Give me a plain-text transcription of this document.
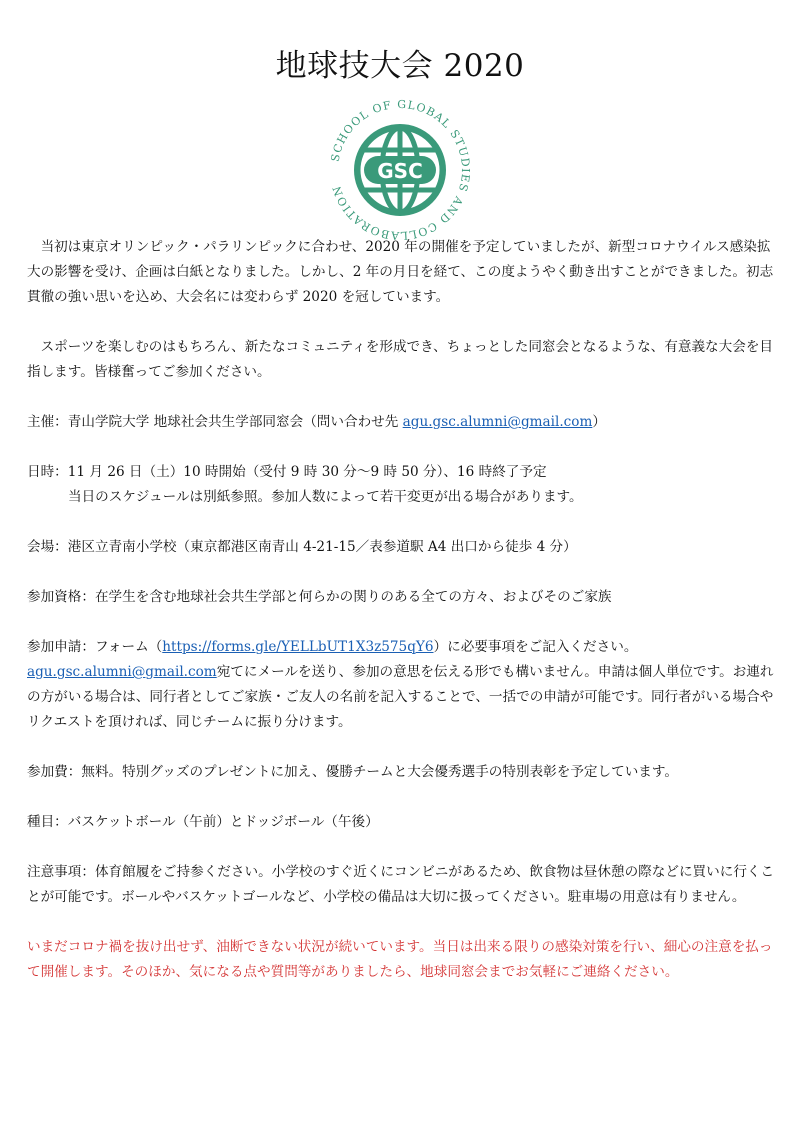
地球技大会 2020
SCHOOL OF GLOBAL STUDIES AND COLLABORATION
GSC

当初は東京オリンピック・パラリンピックに合わせ、2020 年の開催を予定していましたが、新型コロナウイルス感染拡大の影響を受け、企画は白紙となりました。しかし、2 年の月日を経て、この度ようやく動き出すことができました。初志貫徹の強い思いを込め、大会名には変わらず 2020 を冠しています。

スポーツを楽しむのはもちろん、新たなコミュニティを形成でき、ちょっとした同窓会となるような、有意義な大会を目指します。皆様奮ってご参加ください。

主催：青山学院大学 地球社会共生学部同窓会（問い合わせ先 agu.gsc.alumni@gmail.com）

日時：11 月 26 日（土）10 時開始（受付 9 時 30 分〜9 時 50 分）、16 時終了予定

当日のスケジュールは別紙参照。参加人数によって若干変更が出る場合があります。

会場：港区立青南小学校（東京都港区南青山 4-21-15／表参道駅 A4 出口から徒歩 4 分）

参加資格：在学生を含む地球社会共生学部と何らかの関りのある全ての方々、およびそのご家族

参加申請：フォーム（https://forms.gle/YELLbUT1X3z575qY6）に必要事項をご記入ください。agu.gsc.alumni@gmail.com宛てにメールを送り、参加の意思を伝える形でも構いません。申請は個人単位です。お連れの方がいる場合は、同行者としてご家族・ご友人の名前を記入することで、一括での申請が可能です。同行者がいる場合やリクエストを頂ければ、同じチームに振り分けます。

参加費：無料。特別グッズのプレゼントに加え、優勝チームと大会優秀選手の特別表彰を予定しています。

種目：バスケットボール（午前）とドッジボール（午後）

注意事項：体育館履をご持参ください。小学校のすぐ近くにコンビニがあるため、飲食物は昼休憩の際などに買いに行くことが可能です。ボールやバスケットゴールなど、小学校の備品は大切に扱ってください。駐車場の用意は有りません。

いまだコロナ禍を抜け出せず、油断できない状況が続いています。当日は出来る限りの感染対策を行い、細心の注意を払って開催します。そのほか、気になる点や質問等がありましたら、地球同窓会までお気軽にご連絡ください。
